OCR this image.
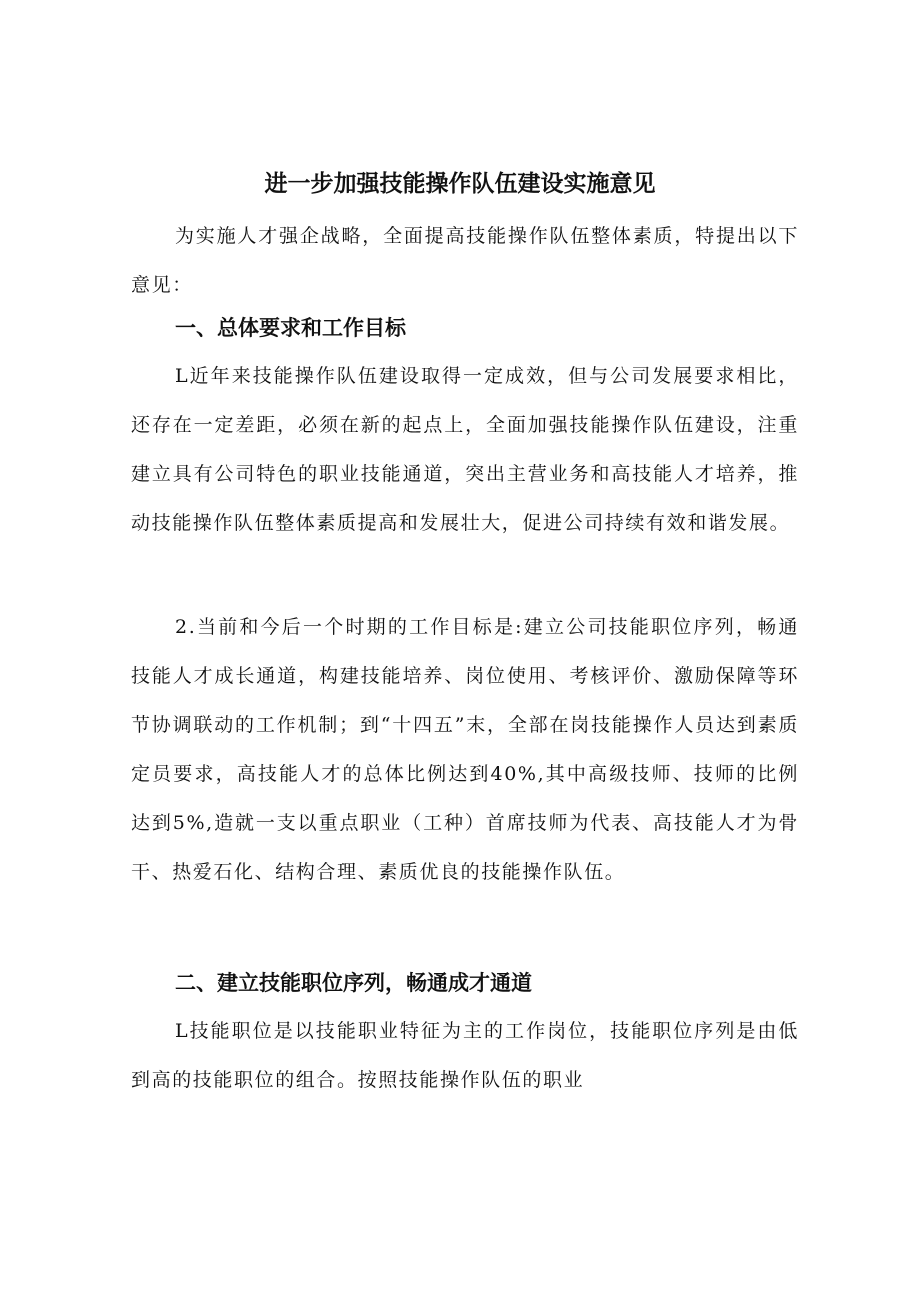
进一步加强技能操作队伍建设实施意见

为实施人才强企战略，全面提高技能操作队伍整体素质，特提出以下意见：

一、总体要求和工作目标

L近年来技能操作队伍建设取得一定成效，但与公司发展要求相比，还存在一定差距，必须在新的起点上，全面加强技能操作队伍建设，注重建立具有公司特色的职业技能通道，突出主营业务和高技能人才培养，推动技能操作队伍整体素质提高和发展壮大，促进公司持续有效和谐发展。

2.当前和今后一个时期的工作目标是:建立公司技能职位序列，畅通技能人才成长通道，构建技能培养、岗位使用、考核评价、激励保障等环节协调联动的工作机制；到“十四五”末，全部在岗技能操作人员达到素质定员要求，高技能人才的总体比例达到40%,其中高级技师、技师的比例达到5%,造就一支以重点职业（工种）首席技师为代表、高技能人才为骨干、热爱石化、结构合理、素质优良的技能操作队伍。

二、建立技能职位序列，畅通成才通道

L技能职位是以技能职业特征为主的工作岗位，技能职位序列是由低到高的技能职位的组合。按照技能操作队伍的职业
